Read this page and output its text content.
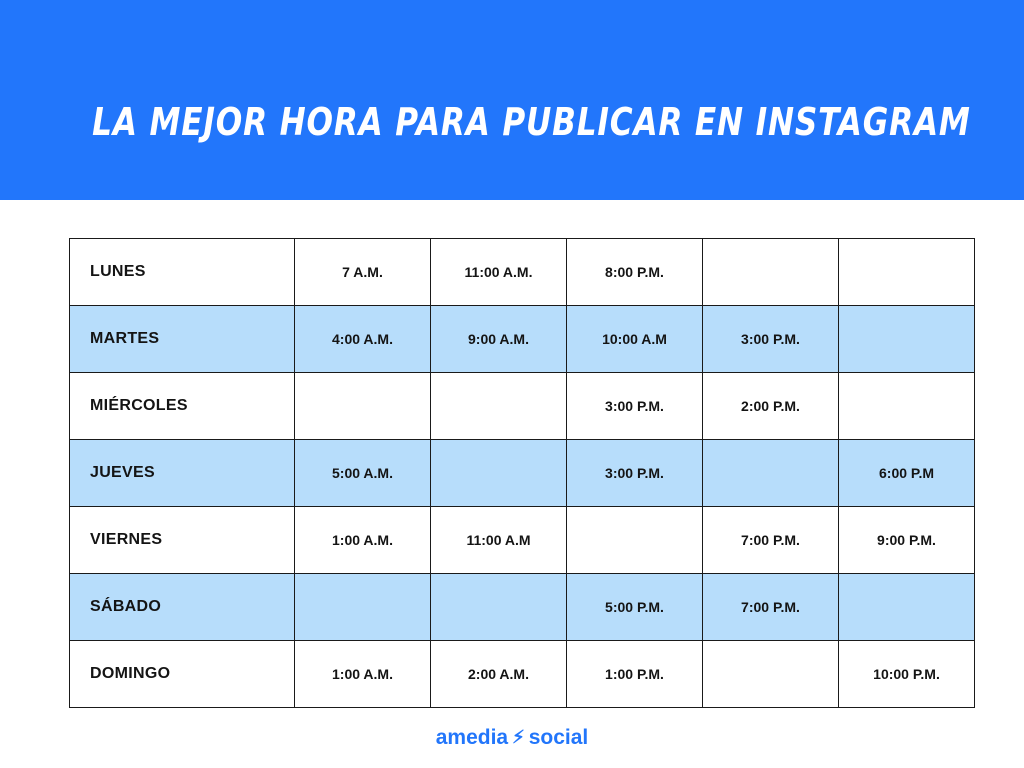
LA MEJOR HORA PARA PUBLICAR EN INSTAGRAM
LUNES	7 A.M.	11:00 A.M.	8:00 P.M.		
MARTES	4:00 A.M.	9:00 A.M.	10:00 A.M	3:00 P.M.	
MIÉRCOLES			3:00 P.M.	2:00 P.M.	
JUEVES	5:00 A.M.		3:00 P.M.		6:00 P.M
VIERNES	1:00 A.M.	11:00 A.M		7:00 P.M.	9:00 P.M.
SÁBADO			5:00 P.M.	7:00 P.M.	
DOMINGO	1:00 A.M.	2:00 A.M.	1:00 P.M.		10:00 P.M.
amedia ⚡︎ social
